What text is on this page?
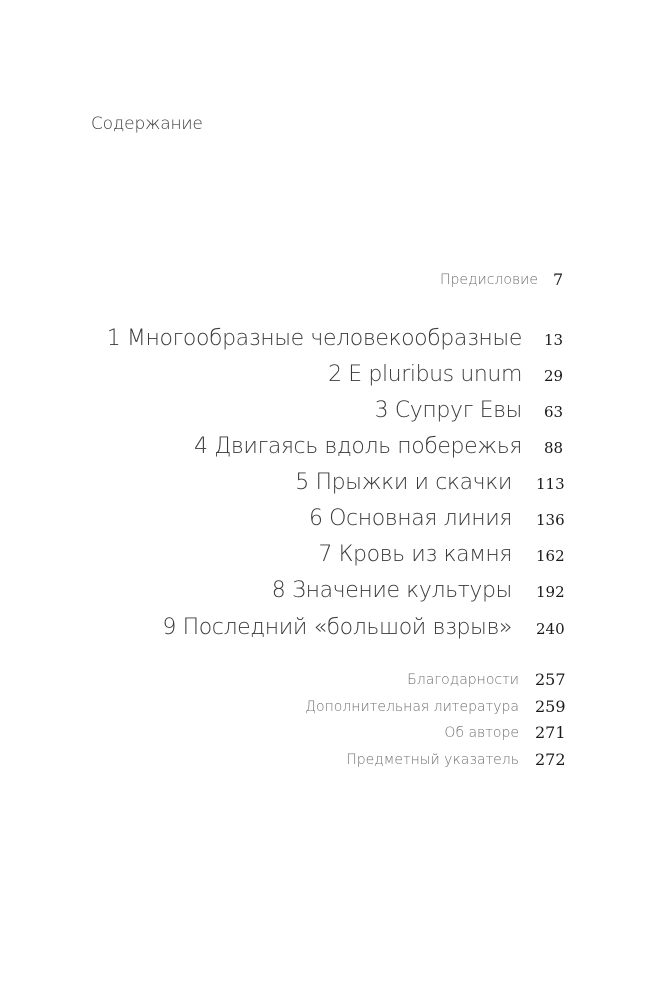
Содержание
Предисловие 7
1 Многообразные человекообразные 13
2 E pluribus unum 29
3 Супруг Евы 63
4 Двигаясь вдоль побережья 88
5 Прыжки и скачки 113
6 Основная линия 136
7 Кровь из камня 162
8 Значение культуры 192
9 Последний «большой взрыв» 240
Благодарности 257
Дополнительная литература 259
Об авторе 271
Предметный указатель 272
